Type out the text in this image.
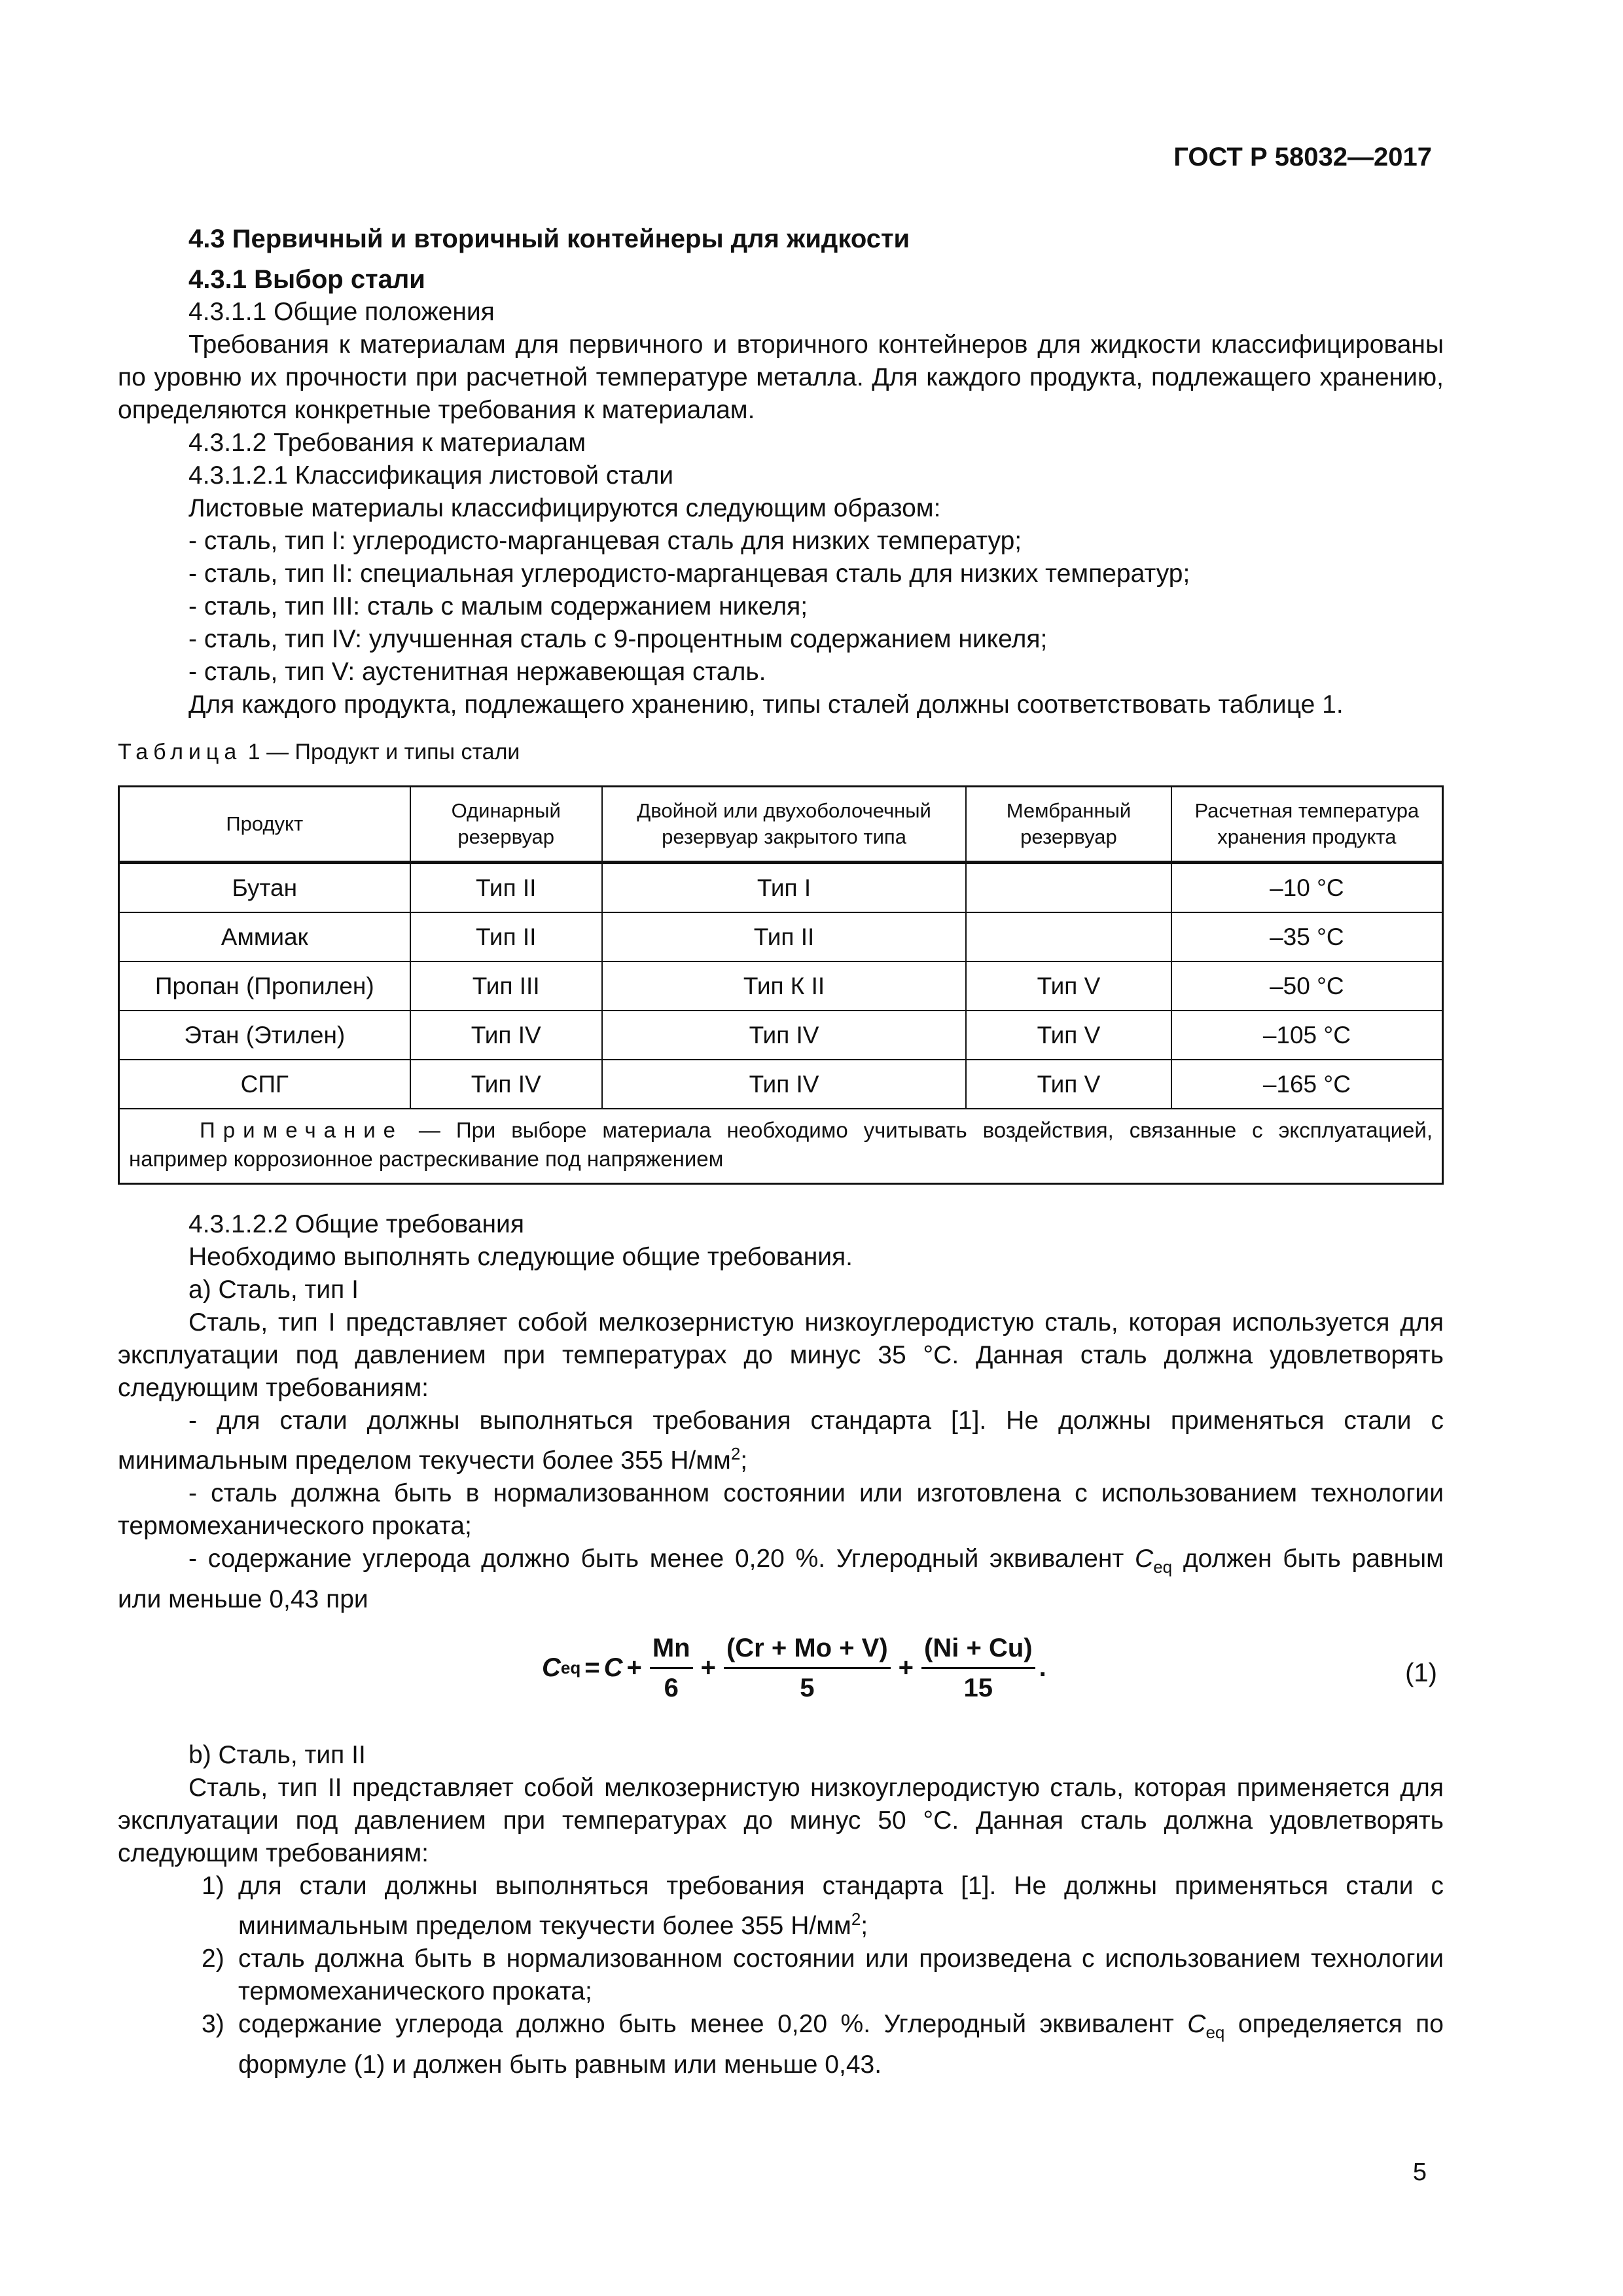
ГОСТ Р 58032—2017

4.3 Первичный и вторичный контейнеры для жидкости

4.3.1 Выбор стали

4.3.1.1 Общие положения

Требования к материалам для первичного и вторичного контейнеров для жидкости классифицированы по уровню их прочности при расчетной температуре металла. Для каждого продукта, подлежащего хранению, определяются конкретные требования к материалам.

4.3.1.2 Требования к материалам

4.3.1.2.1 Классификация листовой стали

Листовые материалы классифицируются следующим образом:

- сталь, тип I: углеродисто-марганцевая сталь для низких температур;

- сталь, тип II: специальная углеродисто-марганцевая сталь для низких температур;

- сталь, тип III: сталь с малым содержанием никеля;

- сталь, тип IV: улучшенная сталь с 9-процентным содержанием никеля;

- сталь, тип V: аустенитная нержавеющая сталь.

Для каждого продукта, подлежащего хранению, типы сталей должны соответствовать таблице 1.

Таблица 1 — Продукт и типы стали

Продукт	Одинарный резервуар	Двойной или двухоболочечный резервуар закрытого типа	Мембранный резервуар	Расчетная температура хранения продукта
Бутан	Тип II	Тип I		–10 °С
Аммиак	Тип II	Тип II		–35 °С
Пропан (Пропилен)	Тип III	Тип К II	Тип V	–50 °С
Этан (Этилен)	Тип IV	Тип IV	Тип V	–105 °С
СПГ	Тип IV	Тип IV	Тип V	–165 °С
Примечание — При выборе материала необходимо учитывать воздействия, связанные с эксплуатацией, например коррозионное растрескивание под напряжением				

4.3.1.2.2 Общие требования

Необходимо выполнять следующие общие требования.

а) Сталь, тип I

Сталь, тип I представляет собой мелкозернистую низкоуглеродистую сталь, которая используется для эксплуатации под давлением при температурах до минус 35 °С. Данная сталь должна удовлетворять следующим требованиям:

- для стали должны выполняться требования стандарта [1]. Не должны применяться стали с минимальным пределом текучести более 355 $Н/мм^2$;

- сталь должна быть в нормализованном состоянии или изготовлена с использованием технологии термомеханического проката;

- содержание углерода должно быть менее 0,20 %. Углеродный эквивалент $C_{eq}$ должен быть равным или меньше 0,43 при

C eq = $C + \frac{Mn}{6} + \frac{(Cr + Mo + V)}{5} + \frac{(Ni + Cu)}{15}$ .	(1)

b) Сталь, тип II

Сталь, тип II представляет собой мелкозернистую низкоуглеродистую сталь, которая применяется для эксплуатации под давлением при температурах до минус 50 °С. Данная сталь должна удовлетворять следующим требованиям:

1) для стали должны выполняться требования стандарта [1]. Не должны применяться стали с минимальным пределом текучести более 355 $Н/мм^2$;
2) сталь должна быть в нормализованном состоянии или произведена с использованием технологии термомеханического проката;
3) содержание углерода должно быть менее 0,20 %. Углеродный эквивалент $C_{eq}$ определяется по формуле (1) и должен быть равным или меньше 0,43.
5
